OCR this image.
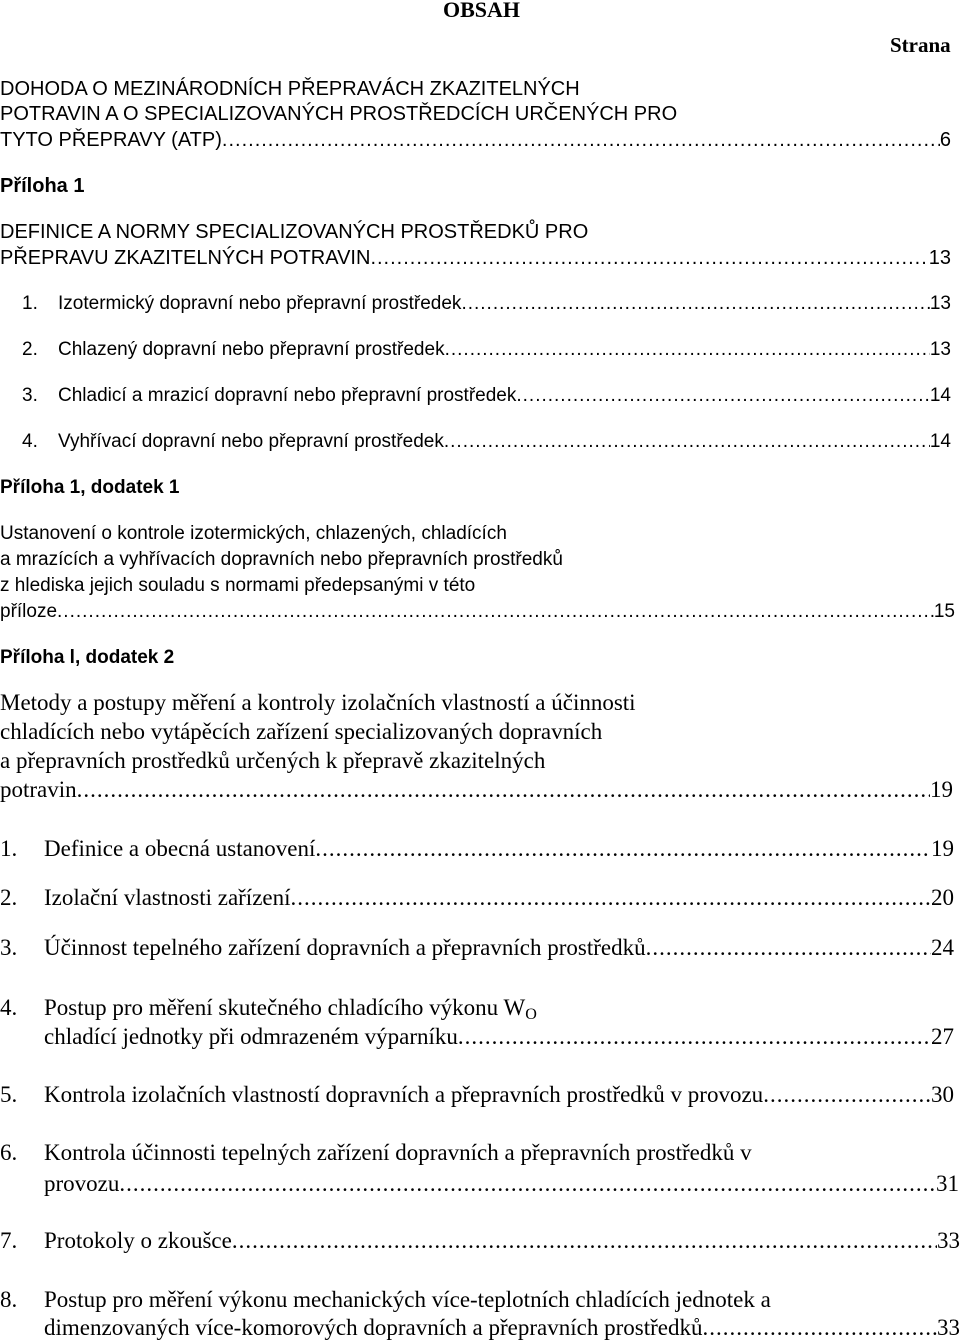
OBSAH
Strana
DOHODA O MEZINÁRODNÍCH PŘEPRAVÁCH ZKAZITELNÝCH
POTRAVIN A O SPECIALIZOVANÝCH PROSTŘEDCÍCH URČENÝCH PRO
TYTO PŘEPRAVY (ATP) .....	6
Příloha 1
DEFINICE A NORMY SPECIALIZOVANÝCH PROSTŘEDKŮ PRO
PŘEPRAVU ZKAZITELNÝCH POTRAVIN .....	13
1.	Izotermický dopravní nebo přepravní prostředek .....	13
2.	Chlazený dopravní nebo přepravní prostředek .....	13
3.	Chladicí a mrazicí dopravní nebo přepravní prostředek .....	14
4.	Vyhřívací dopravní nebo přepravní prostředek .....	14
Příloha 1, dodatek 1
Ustanovení o kontrole izotermických, chlazených, chladících
a mrazících a vyhřívacích dopravních nebo přepravních prostředků
z hlediska jejich souladu s normami předepsanými v této
příloze .....	15
Příloha l, dodatek 2
Metody a postupy měření a kontroly izolačních vlastností a účinnosti
chladících nebo vytápěcích zařízení specializovaných dopravních
a přepravních prostředků určených k přepravě zkazitelných
potravin .....	19
1.	Definice a obecná ustanovení .....	19
2.	Izolační vlastnosti zařízení .....	20
3.	Účinnost tepelného zařízení dopravních a přepravních prostředků .....	24
4. Postup pro měření skutečného chladícího výkonu $W_O$
chladící jednotky při odmrazeném výparníku .....	27
5.	Kontrola izolačních vlastností dopravních a přepravních prostředků v provozu .....	30
6. Kontrola účinnosti tepelných zařízení dopravních a přepravních prostředků v
provozu .....	31
7.	Protokoly o zkoušce .....	33
8. Postup pro měření výkonu mechanických více-teplotních chladících jednotek a
dimenzovaných více-komorových dopravních a přepravních prostředků .....	33
